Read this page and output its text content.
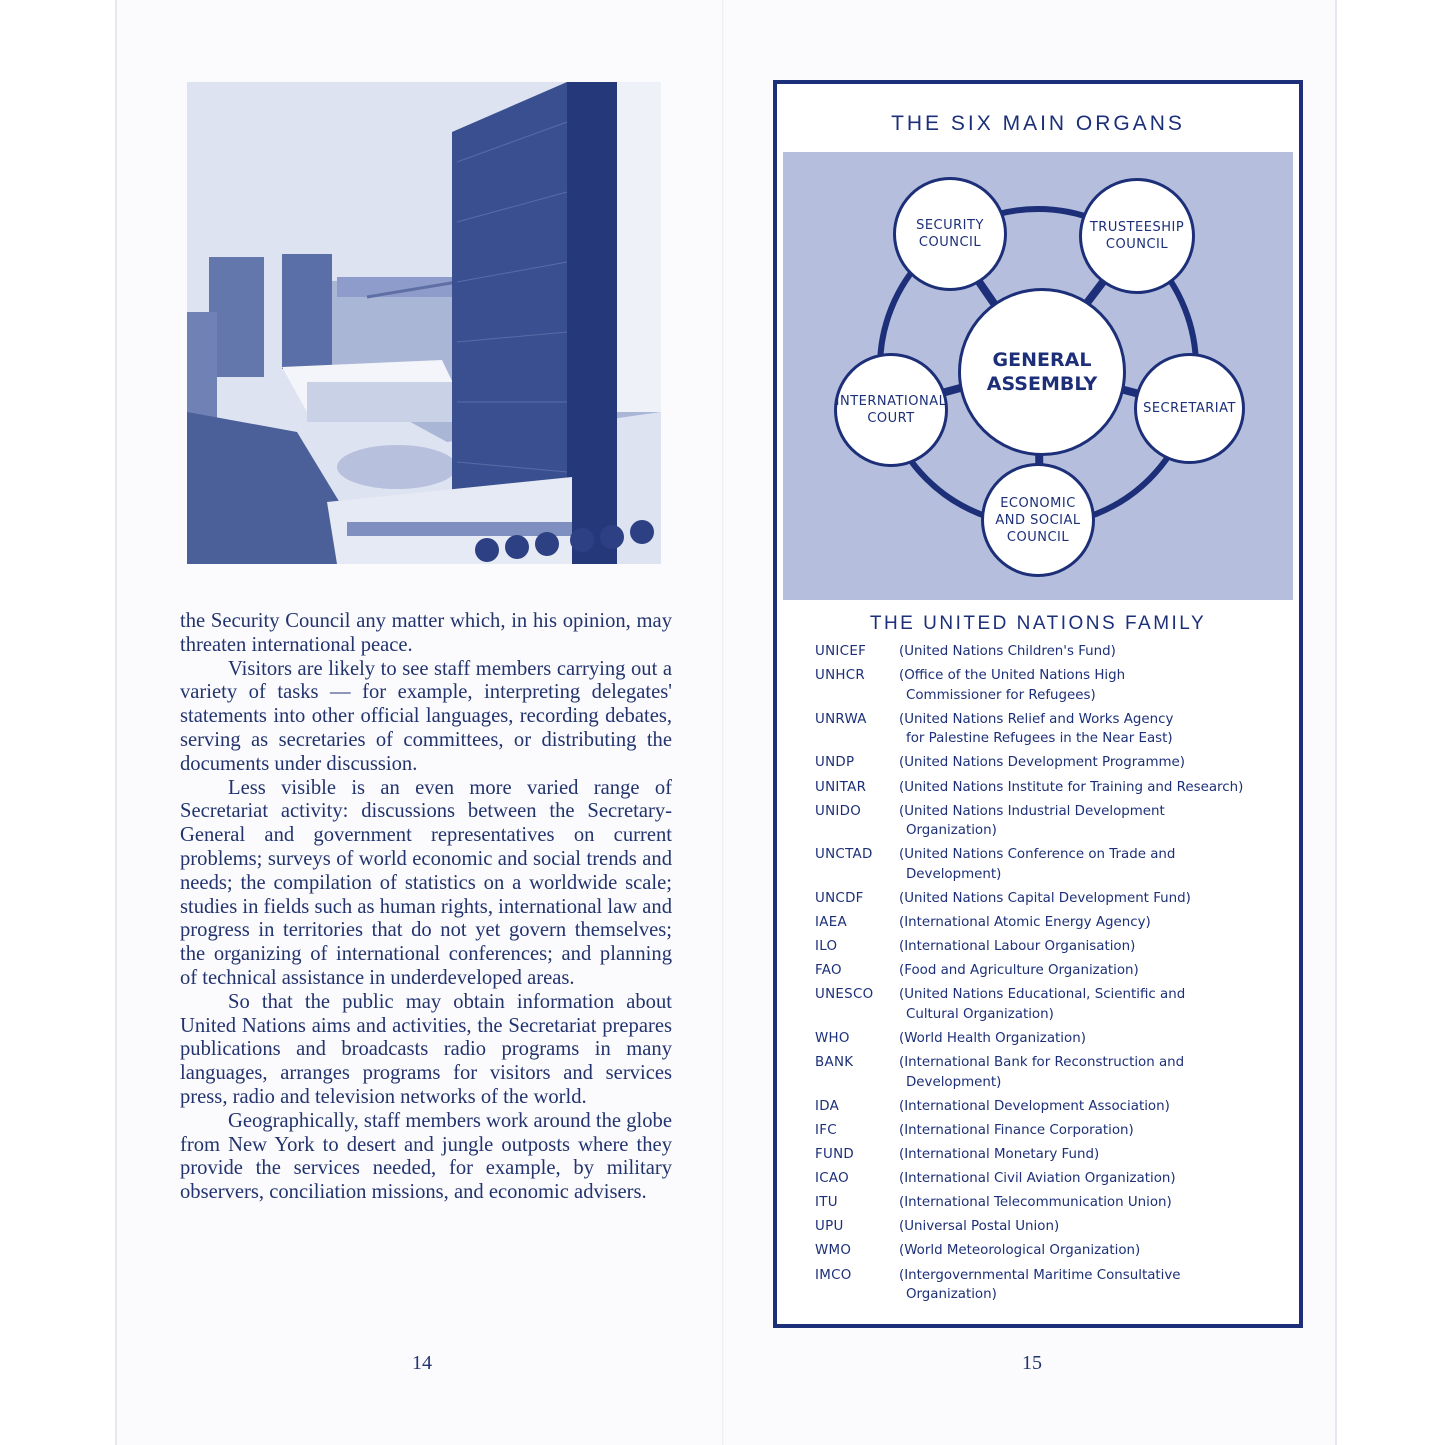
the Security Council any matter which, in his opinion, may threaten international peace.

Visitors are likely to see staff members carrying out a variety of tasks — for example, interpreting delegates' statements into other official languages, recording debates, serving as secretaries of committees, or distributing the documents under discussion.

Less visible is an even more varied range of Secretariat activity: discussions between the Secretary-General and government representatives on current problems; surveys of world economic and social trends and needs; the compilation of statistics on a worldwide scale; studies in fields such as human rights, international law and progress in territories that do not yet govern themselves; the organizing of international conferences; and planning of technical assistance in underdeveloped areas.

So that the public may obtain information about United Nations aims and activities, the Secretariat prepares publications and broadcasts radio programs in many languages, arranges programs for visitors and services press, radio and television networks of the world.

Geographically, staff members work around the globe from New York to desert and jungle outposts where they provide the services needed, for example, by military observers, conciliation missions, and economic advisers.

14
THE SIX MAIN ORGANS
SECURITY
COUNCIL
TRUSTEESHIP
COUNCIL
GENERAL
ASSEMBLY
SECRETARIAT
INTERNATIONAL
COURT
ECONOMIC
AND SOCIAL
COUNCIL
THE UNITED NATIONS FAMILY
UNICEF	(United Nations Children's Fund)
UNHCR	(Office of the United Nations High
Commissioner for Refugees)
UNRWA	(United Nations Relief and Works Agency
for Palestine Refugees in the Near East)
UNDP	(United Nations Development Programme)
UNITAR	(United Nations Institute for Training and Research)
UNIDO	(United Nations Industrial Development
Organization)
UNCTAD	(United Nations Conference on Trade and
Development)
UNCDF	(United Nations Capital Development Fund)
IAEA	(International Atomic Energy Agency)
ILO	(International Labour Organisation)
FAO	(Food and Agriculture Organization)
UNESCO	(United Nations Educational, Scientific and
Cultural Organization)
WHO	(World Health Organization)
BANK	(International Bank for Reconstruction and
Development)
IDA	(International Development Association)
IFC	(International Finance Corporation)
FUND	(International Monetary Fund)
ICAO	(International Civil Aviation Organization)
ITU	(International Telecommunication Union)
UPU	(Universal Postal Union)
WMO	(World Meteorological Organization)
IMCO	(Intergovernmental Maritime Consultative
Organization)
15
